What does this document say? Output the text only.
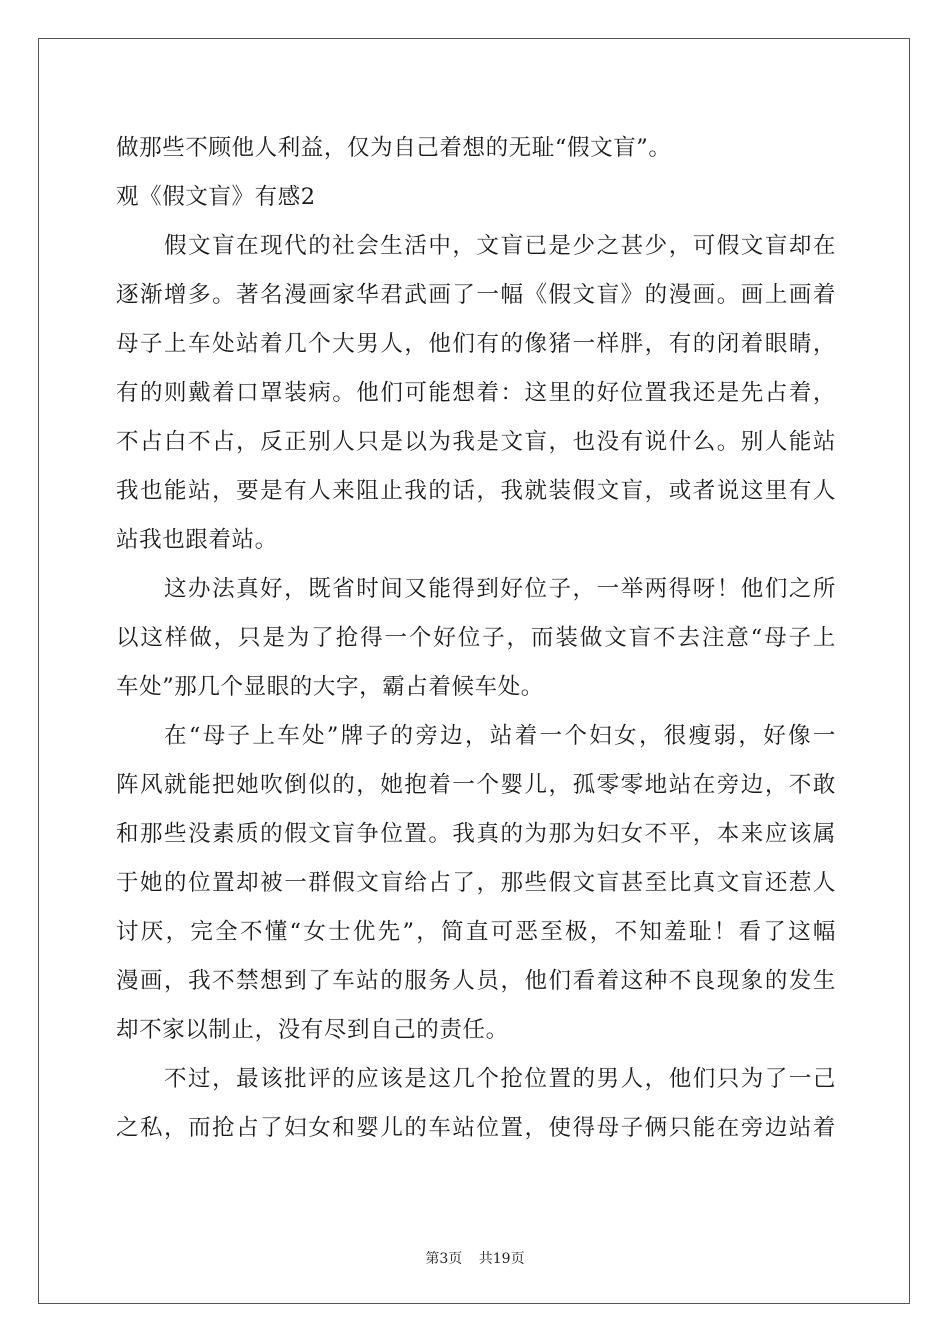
做那些不顾他人利益，仅为自己着想的无耻“假文盲”。
观《假文盲》有感2
假文盲在现代的社会生活中，文盲已是少之甚少，可假文盲却在
逐渐增多。著名漫画家华君武画了一幅《假文盲》的漫画。画上画着
母子上车处站着几个大男人，他们有的像猪一样胖，有的闭着眼睛，
有的则戴着口罩装病。他们可能想着：这里的好位置我还是先占着，
不占白不占，反正别人只是以为我是文盲，也没有说什么。别人能站
我也能站，要是有人来阻止我的话，我就装假文盲，或者说这里有人
站我也跟着站。
这办法真好，既省时间又能得到好位子，一举两得呀！他们之所
以这样做，只是为了抢得一个好位子，而装做文盲不去注意“母子上
车处”那几个显眼的大字，霸占着候车处。
在“母子上车处”牌子的旁边，站着一个妇女，很瘦弱，好像一
阵风就能把她吹倒似的，她抱着一个婴儿，孤零零地站在旁边，不敢
和那些没素质的假文盲争位置。我真的为那为妇女不平，本来应该属
于她的位置却被一群假文盲给占了，那些假文盲甚至比真文盲还惹人
讨厌，完全不懂“女士优先”，简直可恶至极，不知羞耻！看了这幅
漫画，我不禁想到了车站的服务人员，他们看着这种不良现象的发生
却不家以制止，没有尽到自己的责任。
不过，最该批评的应该是这几个抢位置的男人，他们只为了一己
之私，而抢占了妇女和婴儿的车站位置，使得母子俩只能在旁边站着
第3页 共19页
